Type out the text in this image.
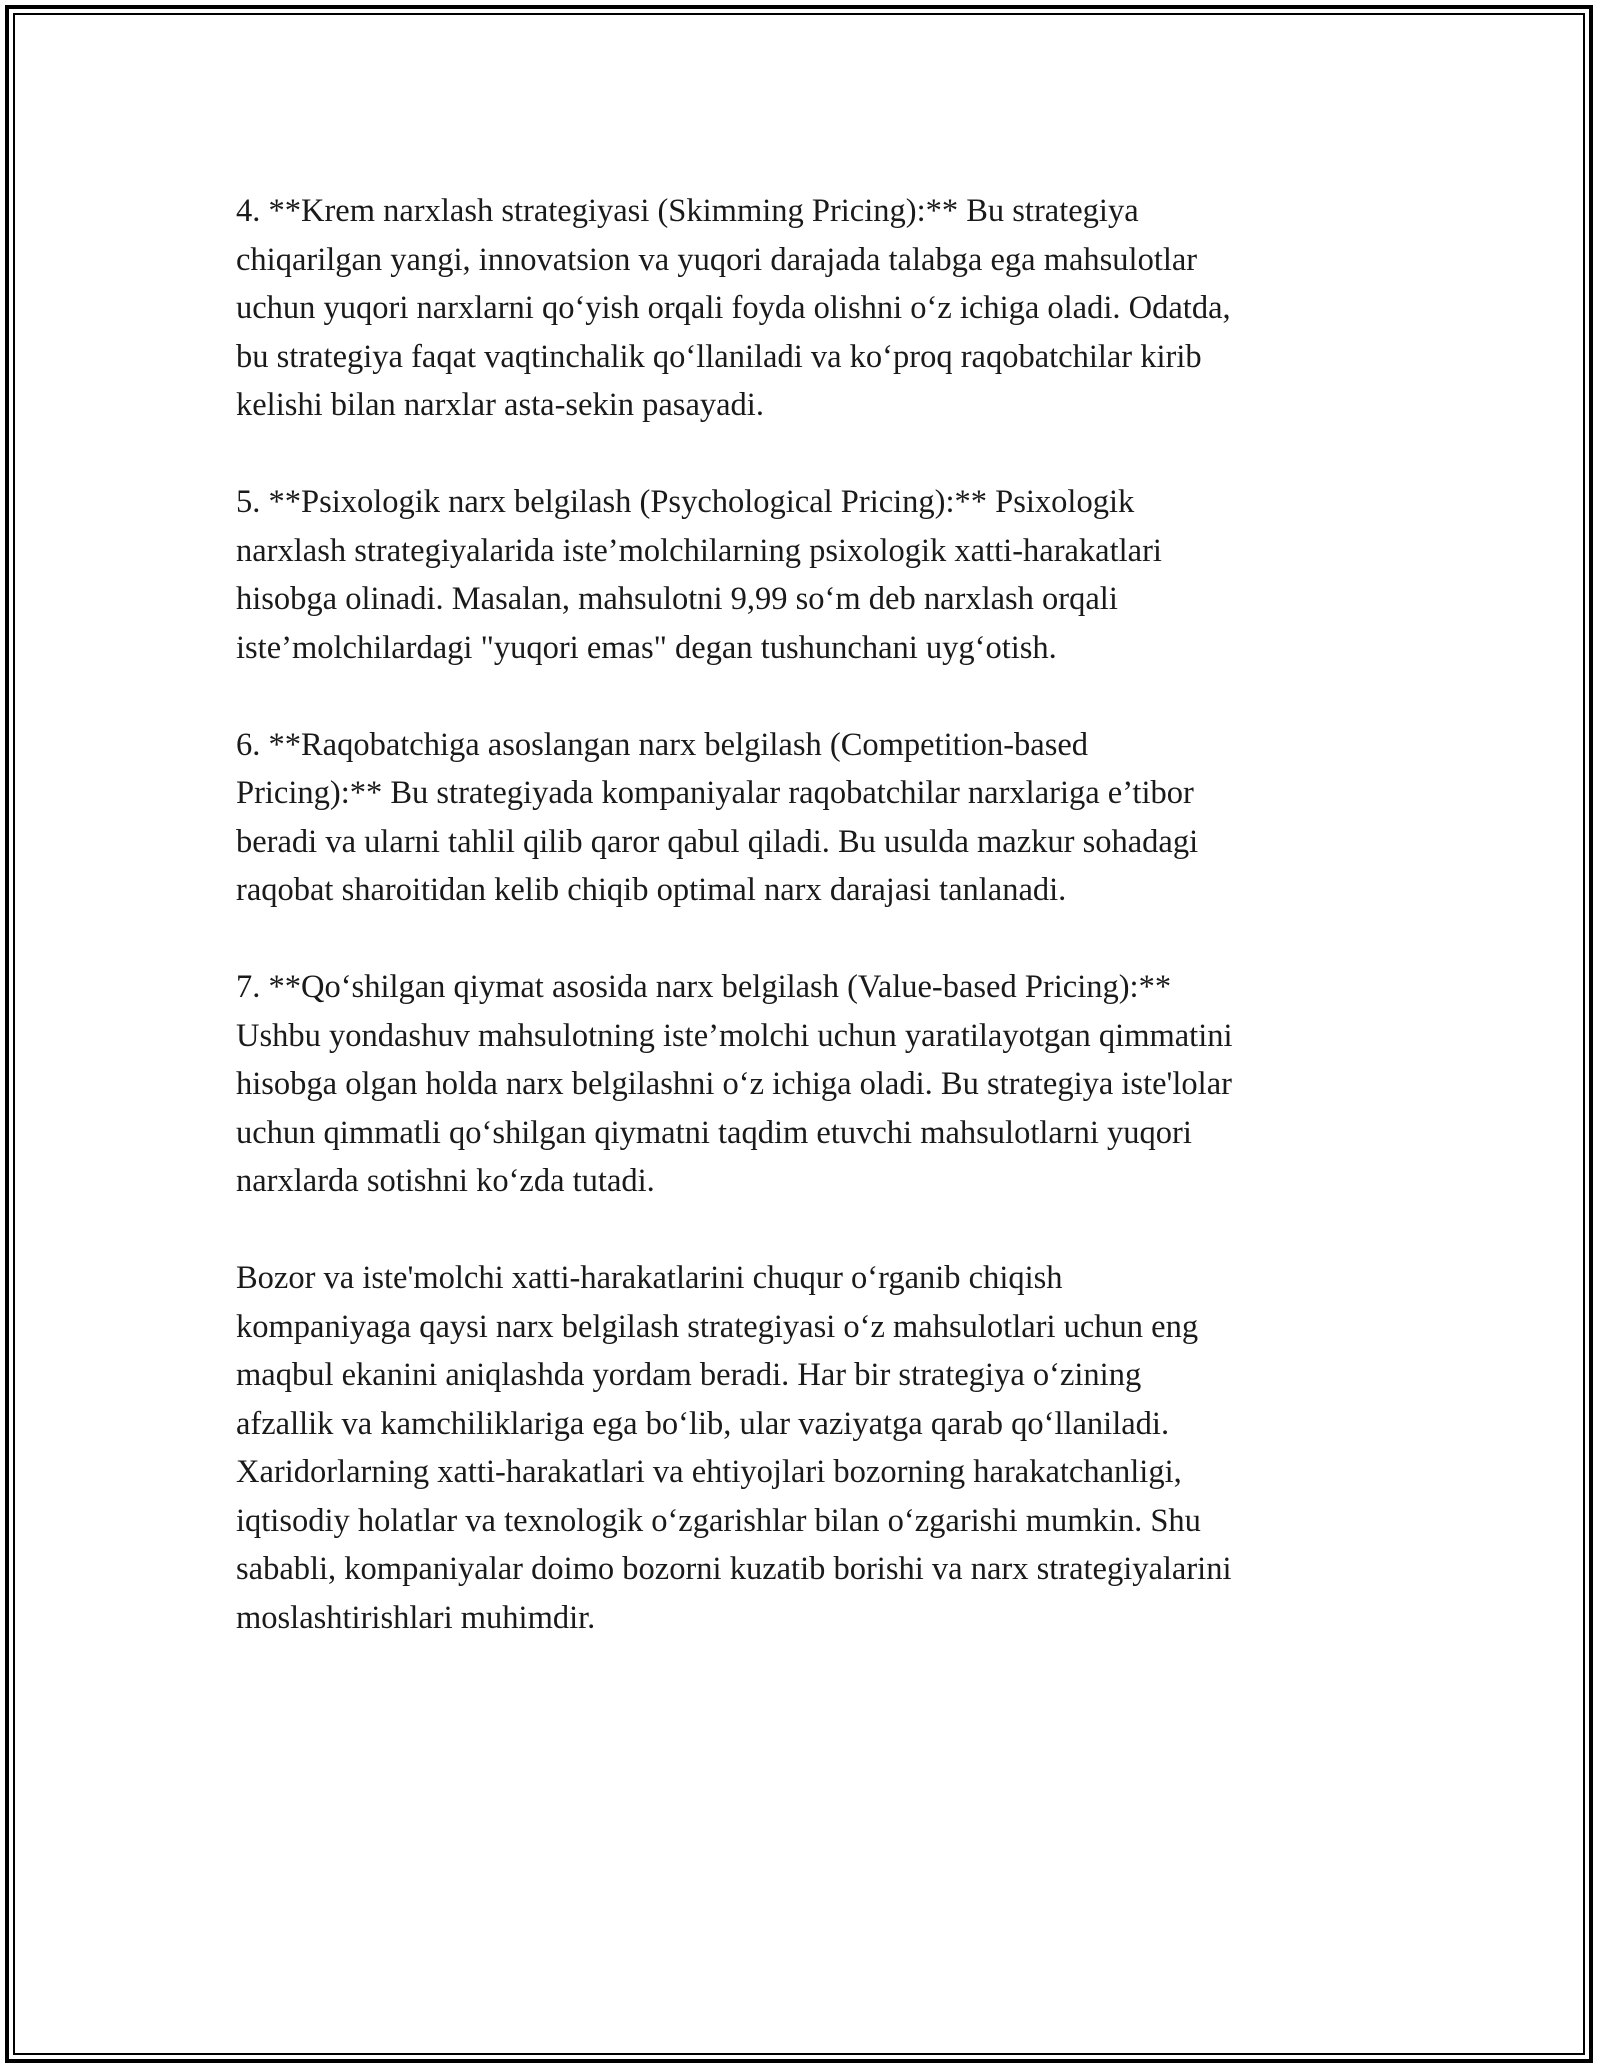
4. **Krem narxlash strategiyasi (Skimming Pricing):** Bu strategiya
chiqarilgan yangi, innovatsion va yuqori darajada talabga ega mahsulotlar
uchun yuqori narxlarni qo‘yish orqali foyda olishni o‘z ichiga oladi. Odatda,
bu strategiya faqat vaqtinchalik qo‘llaniladi va ko‘proq raqobatchilar kirib
kelishi bilan narxlar asta-sekin pasayadi.

5. **Psixologik narx belgilash (Psychological Pricing):** Psixologik
narxlash strategiyalarida iste’molchilarning psixologik xatti-harakatlari
hisobga olinadi. Masalan, mahsulotni 9,99 so‘m deb narxlash orqali
iste’molchilardagi "yuqori emas" degan tushunchani uyg‘otish.

6. **Raqobatchiga asoslangan narx belgilash (Competition-based
Pricing):** Bu strategiyada kompaniyalar raqobatchilar narxlariga e’tibor
beradi va ularni tahlil qilib qaror qabul qiladi. Bu usulda mazkur sohadagi
raqobat sharoitidan kelib chiqib optimal narx darajasi tanlanadi.

7. **Qo‘shilgan qiymat asosida narx belgilash (Value-based Pricing):**
Ushbu yondashuv mahsulotning iste’molchi uchun yaratilayotgan qimmatini
hisobga olgan holda narx belgilashni o‘z ichiga oladi. Bu strategiya iste'lolar
uchun qimmatli qo‘shilgan qiymatni taqdim etuvchi mahsulotlarni yuqori
narxlarda sotishni ko‘zda tutadi.

Bozor va iste'molchi xatti-harakatlarini chuqur o‘rganib chiqish
kompaniyaga qaysi narx belgilash strategiyasi o‘z mahsulotlari uchun eng
maqbul ekanini aniqlashda yordam beradi. Har bir strategiya o‘zining
afzallik va kamchiliklariga ega bo‘lib, ular vaziyatga qarab qo‘llaniladi.
Xaridorlarning xatti-harakatlari va ehtiyojlari bozorning harakatchanligi,
iqtisodiy holatlar va texnologik o‘zgarishlar bilan o‘zgarishi mumkin. Shu
sababli, kompaniyalar doimo bozorni kuzatib borishi va narx strategiyalarini
moslashtirishlari muhimdir.
